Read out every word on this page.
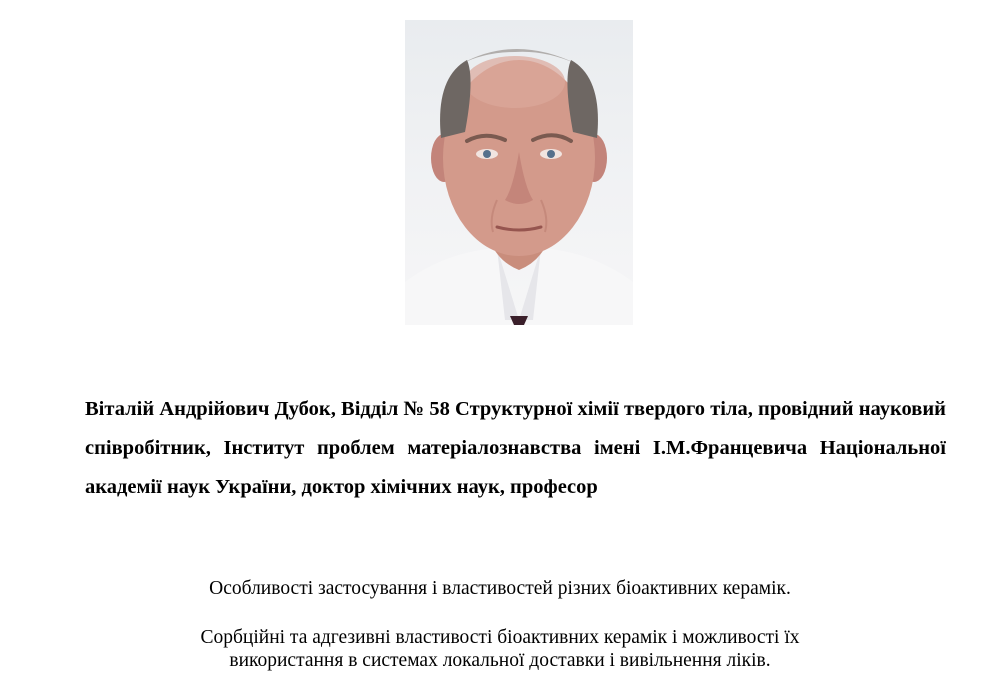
Віталій Андрійович Дубок, Відділ № 58 Структурної хімії твердого тіла, провідний науковий співробітник, Інститут проблем матеріалознавства імені І.М.Францевича Національної академії наук України, доктор хімічних наук, професор

Особливості застосування і властивостей різних біоактивних керамік.

Сорбційні та адгезивні властивості біоактивних керамік і можливості їх
використання в системах локальної доставки і вивільнення ліків.
